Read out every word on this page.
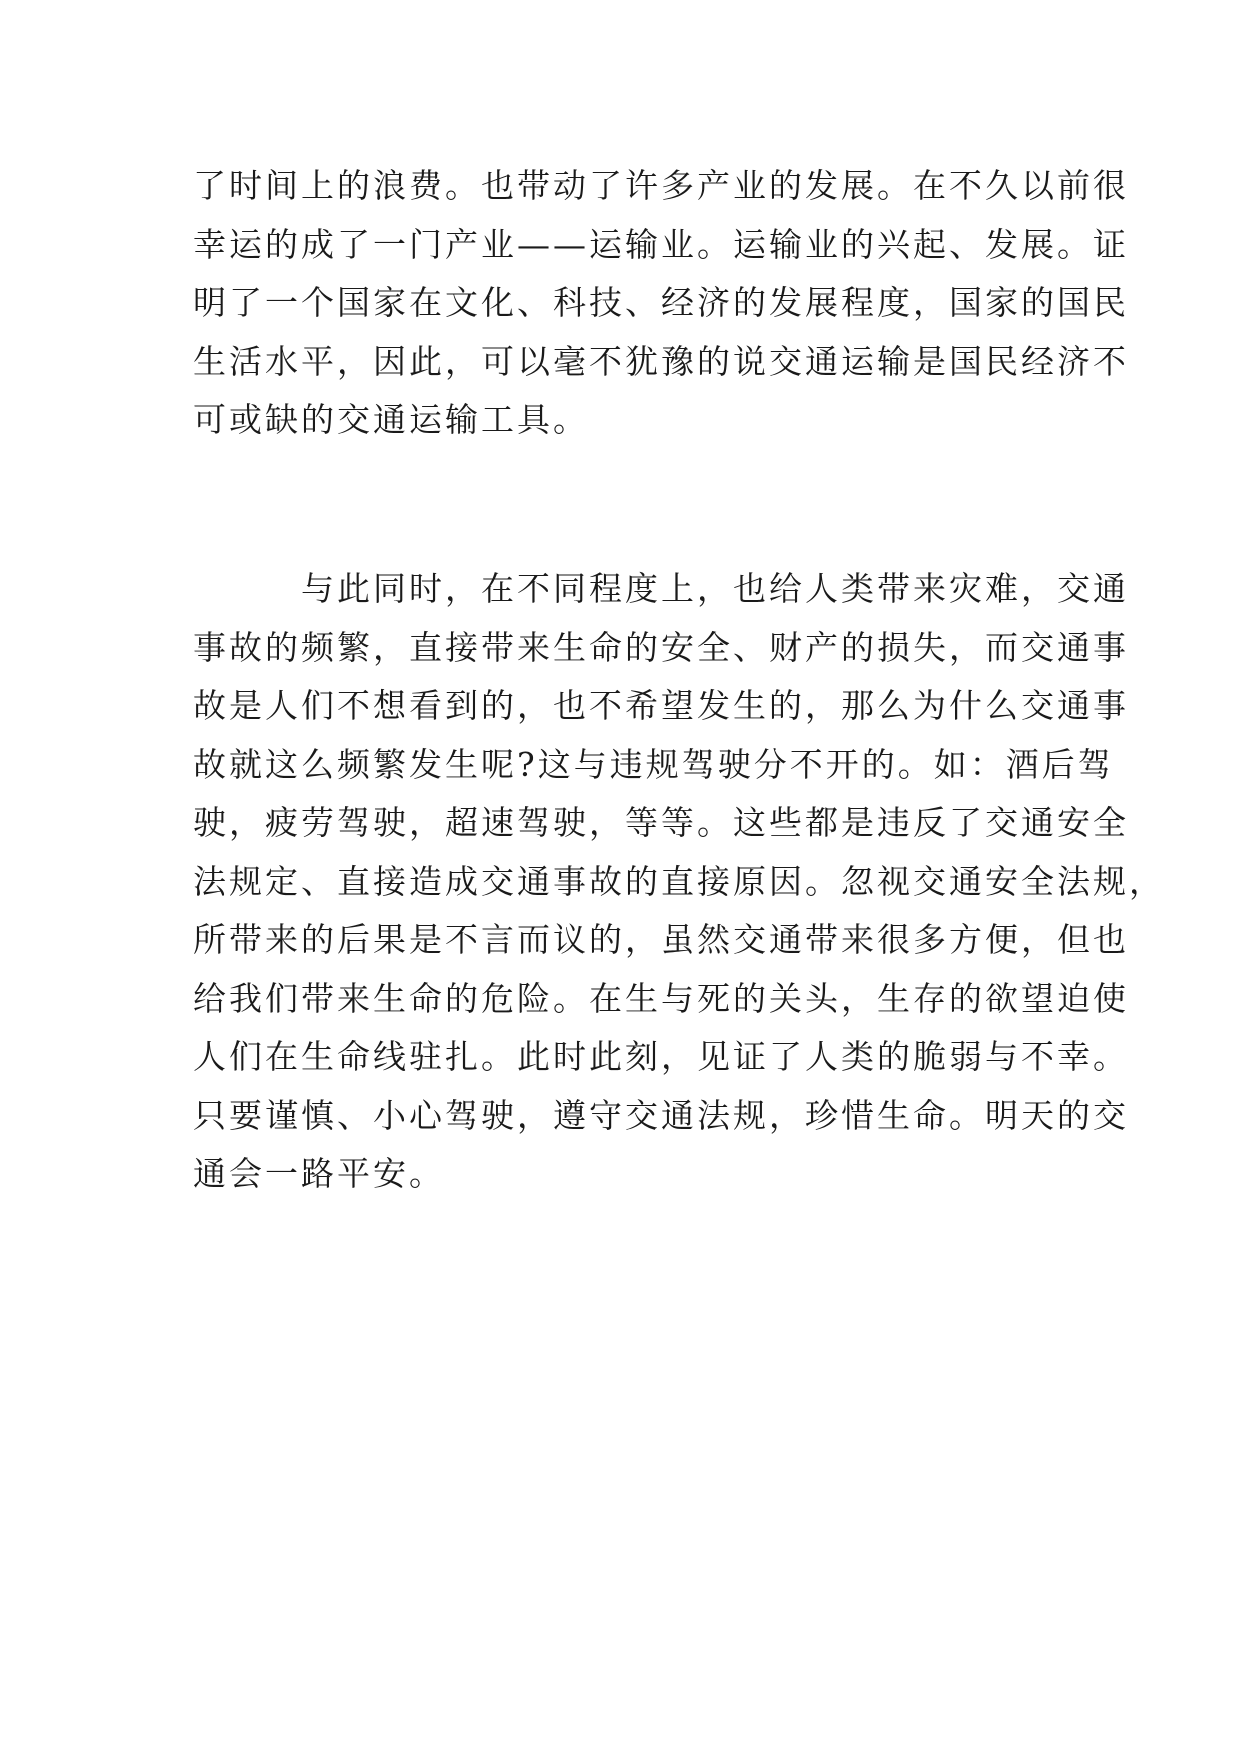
了时间上的浪费。也带动了许多产业的发展。在不久以前很
幸运的成了一门产业——运输业。运输业的兴起、发展。证
明了一个国家在文化、科技、经济的发展程度，国家的国民
生活水平，因此，可以毫不犹豫的说交通运输是国民经济不
可或缺的交通运输工具。
与此同时，在不同程度上，也给人类带来灾难，交通
事故的频繁，直接带来生命的安全、财产的损失，而交通事
故是人们不想看到的，也不希望发生的，那么为什么交通事
故就这么频繁发生呢?这与违规驾驶分不开的。如：酒后驾
驶，疲劳驾驶，超速驾驶，等等。这些都是违反了交通安全
法规定、直接造成交通事故的直接原因。忽视交通安全法规，
所带来的后果是不言而议的，虽然交通带来很多方便，但也
给我们带来生命的危险。在生与死的关头，生存的欲望迫使
人们在生命线驻扎。此时此刻，见证了人类的脆弱与不幸。
只要谨慎、小心驾驶，遵守交通法规，珍惜生命。明天的交
通会一路平安。
